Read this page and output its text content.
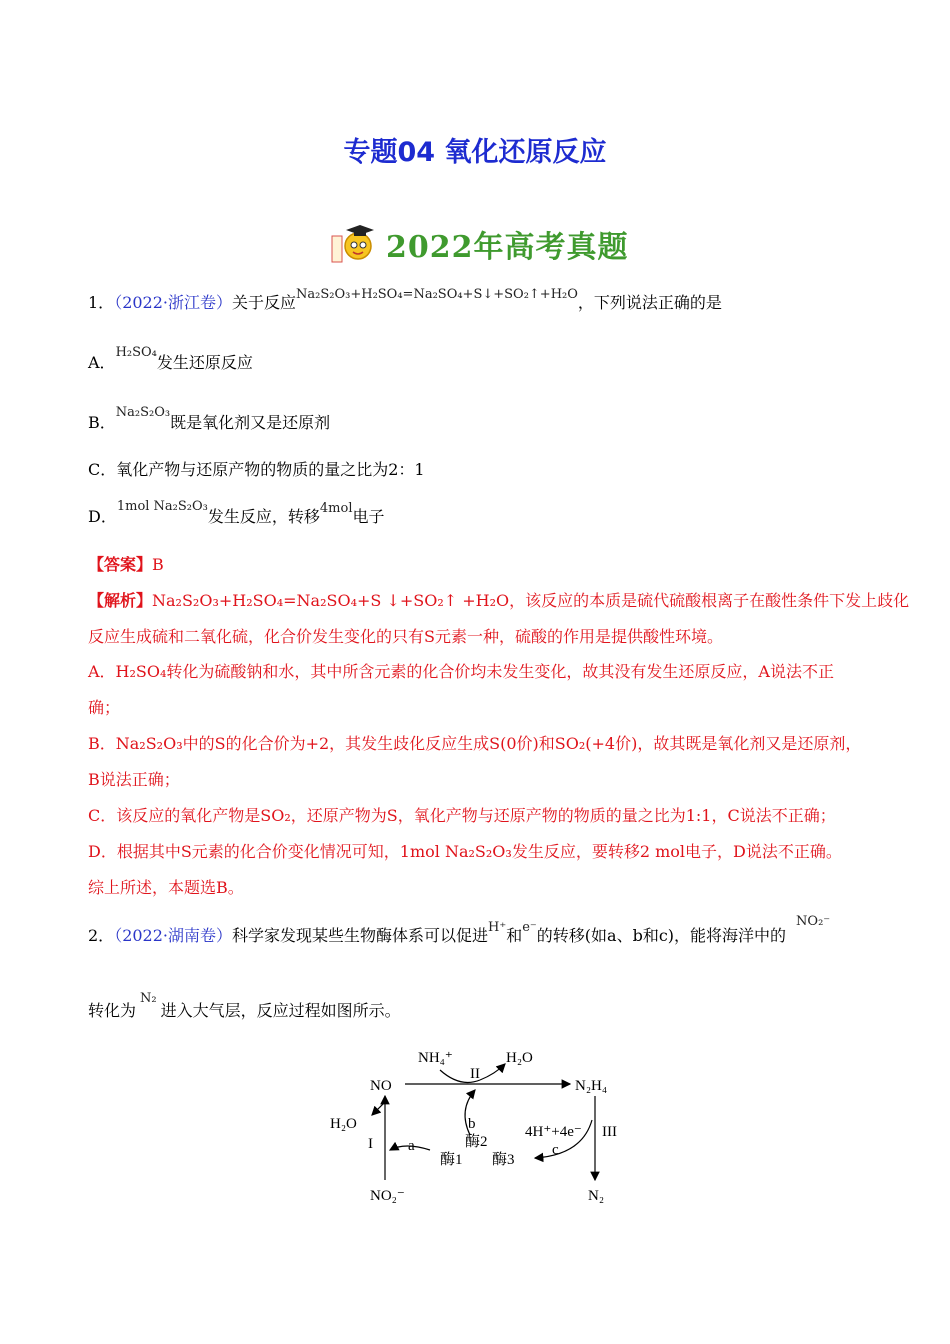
专题04 氧化还原反应
2022年高考真题
1．（2022·浙江卷）关于反应$^{Na_2S_2O_3+H_2SO_4=Na_2SO_4+S↓+SO_2↑+H_2O}$，下列说法正确的是
A．$^{H_2SO_4}$发生还原反应
B．$^{Na_2S_2O_3}$既是氧化剂又是还原剂
C．氧化产物与还原产物的物质的量之比为2：1
D．$^{1mol Na_2S_2O_3}$发生反应，转移$^{4mol}$电子
【答案】B
【解析】Na₂S₂O₃+H₂SO₄=Na₂SO₄+S ↓+SO₂↑ +H₂O，该反应的本质是硫代硫酸根离子在酸性条件下发上歧化
反应生成硫和二氧化硫，化合价发生变化的只有S元素一种，硫酸的作用是提供酸性环境。
A．H₂SO₄转化为硫酸钠和水，其中所含元素的化合价均未发生变化，故其没有发生还原反应，A说法不正
确；
B．Na₂S₂O₃中的S的化合价为+2，其发生歧化反应生成S(0价)和SO₂(+4价)，故其既是氧化剂又是还原剂，
B说法正确；
C．该反应的氧化产物是SO₂，还原产物为S，氧化产物与还原产物的物质的量之比为1:1，C说法不正确；
D．根据其中S元素的化合价变化情况可知，1mol Na₂S₂O₃发生反应，要转移2 mol电子，D说法不正确。
综上所述，本题选B。
2．（2022·湖南卷）科学家发现某些生物酶体系可以促进$^{H^+}$和$^{e^-}$的转移(如a、b和c)，能将海洋中的$^{NO_2^-}$
转化为$^{N_2}$进入大气层，反应过程如图所示。
NO
NH₄⁺	H₂O
II
N₂H₄
H₂O	b
酶2
4H⁺+4e⁻ III
I a
酶1 酶3
c
NO₂⁻	N₂
